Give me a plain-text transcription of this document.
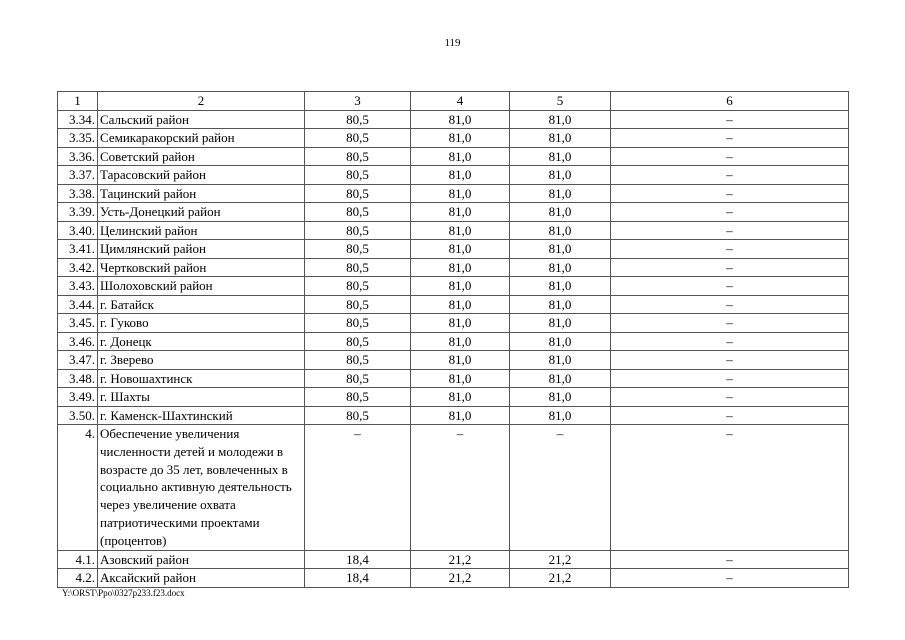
119
1	2	3	4	5	6
3.34.	Сальский район	80,5	81,0	81,0	–
3.35.	Семикаракорский район	80,5	81,0	81,0	–
3.36.	Советский район	80,5	81,0	81,0	–
3.37.	Тарасовский район	80,5	81,0	81,0	–
3.38.	Тацинский район	80,5	81,0	81,0	–
3.39.	Усть-Донецкий район	80,5	81,0	81,0	–
3.40.	Целинский район	80,5	81,0	81,0	–
3.41.	Цимлянский район	80,5	81,0	81,0	–
3.42.	Чертковский район	80,5	81,0	81,0	–
3.43.	Шолоховский район	80,5	81,0	81,0	–
3.44.	г. Батайск	80,5	81,0	81,0	–
3.45.	г. Гуково	80,5	81,0	81,0	–
3.46.	г. Донецк	80,5	81,0	81,0	–
3.47.	г. Зверево	80,5	81,0	81,0	–
3.48.	г. Новошахтинск	80,5	81,0	81,0	–
3.49.	г. Шахты	80,5	81,0	81,0	–
3.50.	г. Каменск-Шахтинский	80,5	81,0	81,0	–
4.	Обеспечение увеличения численности детей и молодежи в возрасте до 35 лет, вовлеченных в социально активную деятельность через увеличение охвата патриотическими проектами (процентов)	–	–	–	–
4.1.	Азовский район	18,4	21,2	21,2	–
4.2.	Аксайский район	18,4	21,2	21,2	–
Y:\ORST\Ppo\0327p233.f23.docx
